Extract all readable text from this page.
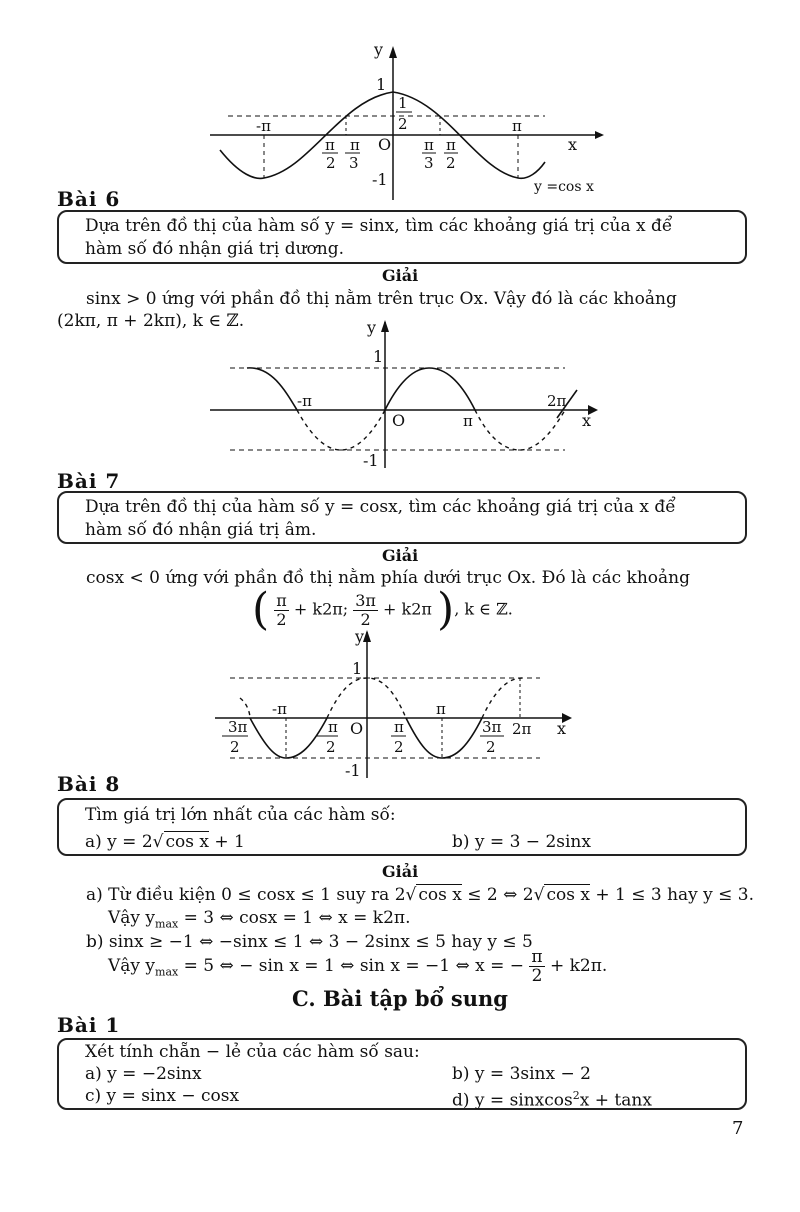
1
y
x
O
-1
1
2
-π	π
π
2
π
3
π
3
π
2
y =cos x
Bài 6
Dựa trên đồ thị của hàm số y = sinx, tìm các khoảng giá trị của x để
hàm số đó nhận giá trị dương.
Giải
sinx > 0 ứng với phần đồ thị nằm trên trục Ox. Vậy đó là các khoảng
(2kπ, π + 2kπ), k ∈ ℤ.	y
1
-π
O	π
2π
x
-1
Bài 7
Dựa trên đồ thị của hàm số y = cosx, tìm các khoảng giá trị của x để
hàm số đó nhận giá trị âm.
Giải
cosx < 0 ứng với phần đồ thị nằm phía dưới trục Ox. Đó là các khoảng
( $\frac{\pi}{2} + k2\pi$; $\frac{3\pi}{2} + k2\pi$ ), k ∈ ℤ.
y
1
-π
O
π
2π x
-1
3π
2
π
2
π
2
3π
2
Bài 8
Tìm giá trị lớn nhất của các hàm số:
a) y = 2√ cos x + 1	b) y = 3 − 2sinx
Giải
a) Từ điều kiện 0 ≤ cosx ≤ 1 suy ra 2√ cos x ≤ 2 ⇔ 2√ cos x + 1 ≤ 3 hay y ≤ 3.
Vậy $y_{max} = 3$ ⇔ cosx = 1 ⇔ x = k2π.
b) sinx ≥ −1 ⇔ −sinx ≤ 1 ⇔ 3 − 2sinx ≤ 5 hay y ≤ 5
Vậy $y_{max} = 5$ ⇔ − sin x = 1 ⇔ sin x = −1 ⇔ x = − $\frac{\pi}{2} + k2\pi$.
C. Bài tập bổ sung
Bài 1
Xét tính chẵn − lẻ của các hàm số sau:
a) y = −2sinx	b) y = 3sinx − 2
c) y = sinx − cosx	d) y = sinxcos$^2$x + tanx
7
